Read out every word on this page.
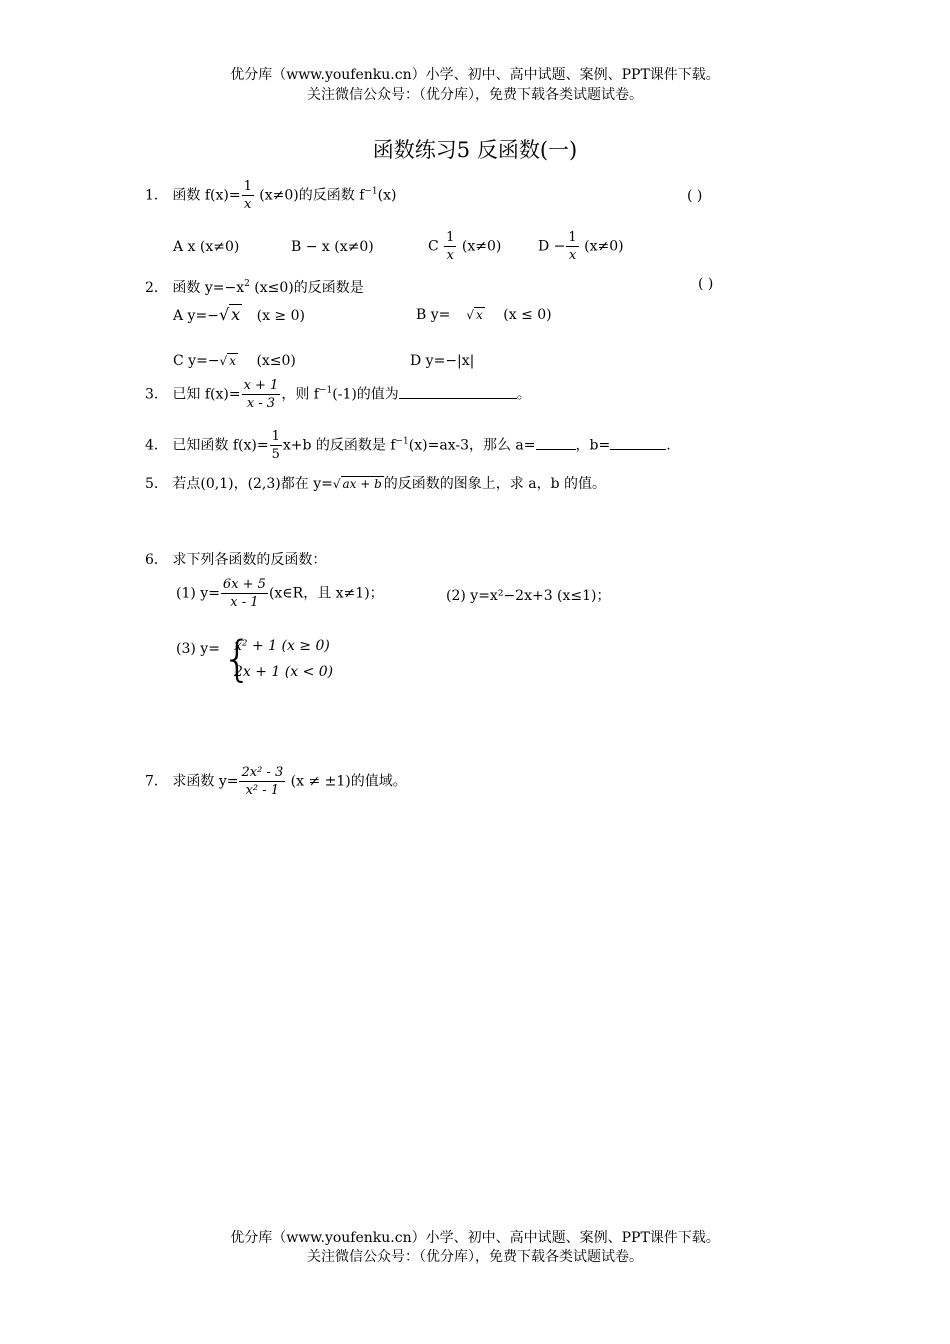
优分库（www.youfenku.cn）小学、初中、高中试题、案例、PPT课件下载。
关注微信公众号：（优分库），免费下载各类试题试卷。
函数练习5 反函数(一)
1． 函数 $f(x)= \frac{1}{x} (x\ne 0)$的反函数 $f^{-1}(x)$	( )
A x (x≠0)	B − x (x≠0)	C $\frac{1}{x} (x\ne 0)$	$D - \frac{1}{x} (x\ne 0)$
2． 函数 $y=-x^2$ (x≤0)的反函数是	( )
A y=−√ x (x ≥ 0)	B y= √ x (x ≤ 0)
C y=−√ x (x≤0)	D y=−|x|
3． 已知 $f(x)= \frac{x + 1}{x - 3}$ ，则 $f^{-1}(-1)$的值为	。
4． 已知函数 $f(x)= \frac{1}{5} x+b$ 的反函数是 $f^{-1}(x)=ax-3$，那么 a=	，b=	.
5． 若点(0,1)，(2,3)都在 y=√ ax + b 的反函数的图象上，求 a，b 的值。
6． 求下列各函数的反函数：
(1) $y= \frac{6x + 5}{x - 1}$ (x∈R，且 x≠1)；	(2) y=x²−2x+3 (x≤1)；
(3) y= {
x² + 1 (x ≥ 0)
2x + 1 (x < 0)
7． 求函数 $y= \frac{\text{2x² - 3}}{\text{x² - 1}} (x \ne \pm 1)$的值域。
优分库（www.youfenku.cn）小学、初中、高中试题、案例、PPT课件下载。
关注微信公众号：（优分库），免费下载各类试题试卷。
